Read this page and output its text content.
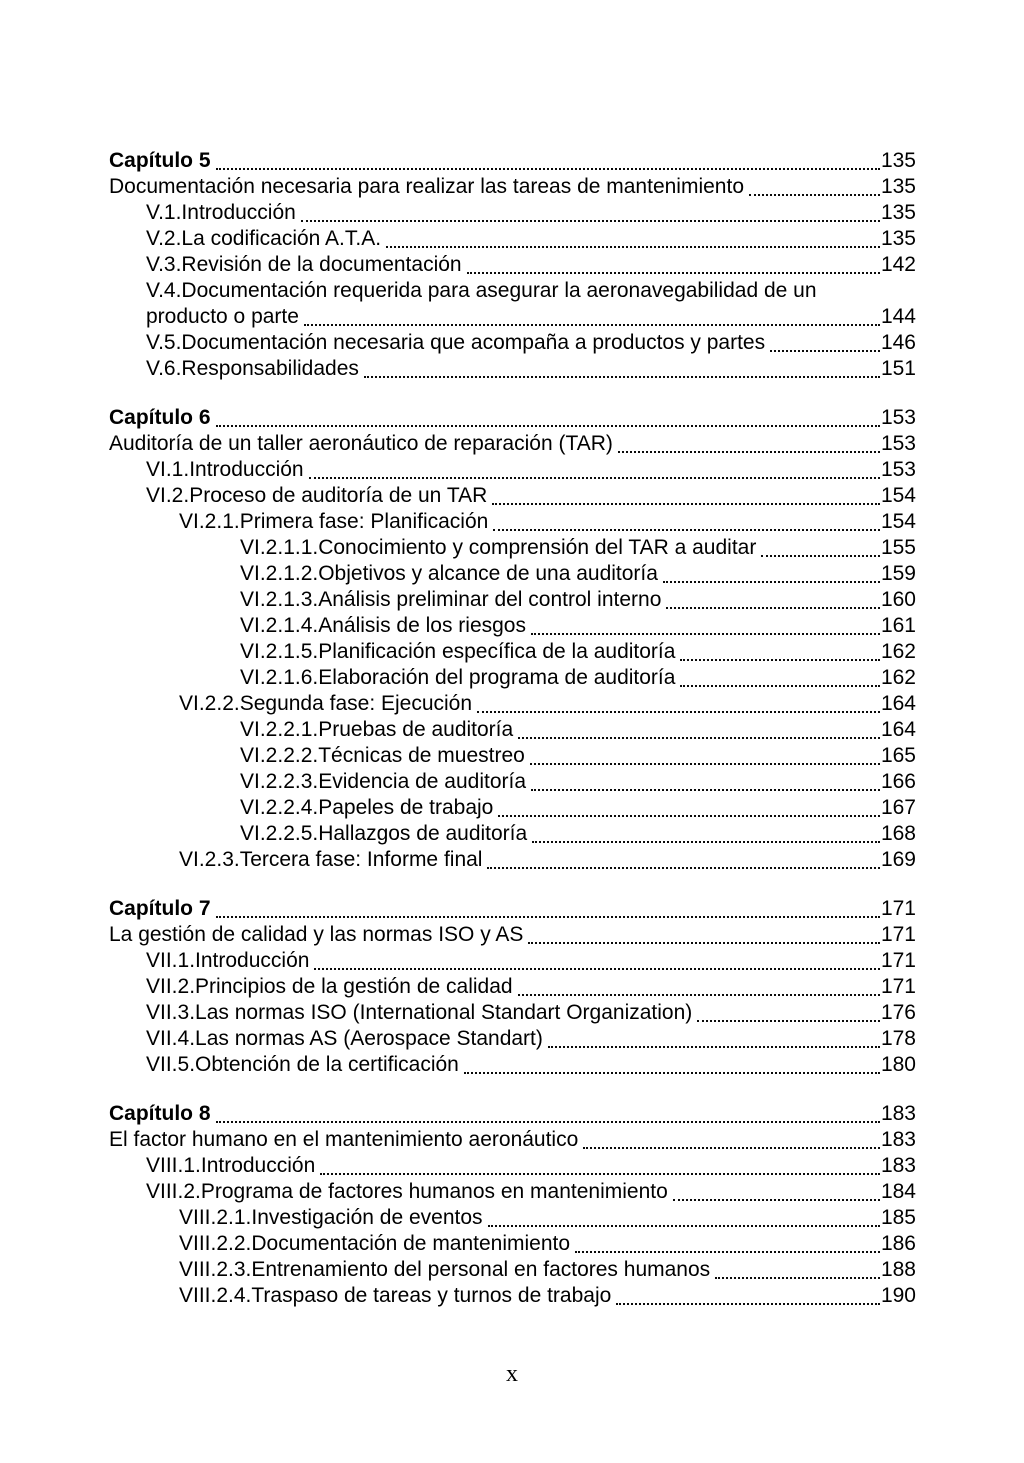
Capítulo 5	135
Documentación necesaria para realizar las tareas de mantenimiento	135
V.1.Introducción	135
V.2.La codificación A.T.A.	135
V.3.Revisión de la documentación	142
V.4.Documentación requerida para asegurar la aeronavegabilidad de un
producto o parte	144
V.5.Documentación necesaria que acompaña a productos y partes	146
V.6.Responsabilidades	151
Capítulo 6	153
Auditoría de un taller aeronáutico de reparación (TAR)	153
VI.1.Introducción	153
VI.2.Proceso de auditoría de un TAR	154
VI.2.1.Primera fase: Planificación	154
VI.2.1.1.Conocimiento y comprensión del TAR a auditar	155
VI.2.1.2.Objetivos y alcance de una auditoría	159
VI.2.1.3.Análisis preliminar del control interno	160
VI.2.1.4.Análisis de los riesgos	161
VI.2.1.5.Planificación específica de la auditoría	162
VI.2.1.6.Elaboración del programa de auditoría	162
VI.2.2.Segunda fase: Ejecución	164
VI.2.2.1.Pruebas de auditoría	164
VI.2.2.2.Técnicas de muestreo	165
VI.2.2.3.Evidencia de auditoría	166
VI.2.2.4.Papeles de trabajo	167
VI.2.2.5.Hallazgos de auditoría	168
VI.2.3.Tercera fase: Informe final	169
Capítulo 7	171
La gestión de calidad y las normas ISO y AS	171
VII.1.Introducción	171
VII.2.Principios de la gestión de calidad	171
VII.3.Las normas ISO (International Standart Organization)	176
VII.4.Las normas AS (Aerospace Standart)	178
VII.5.Obtención de la certificación	180
Capítulo 8	183
El factor humano en el mantenimiento aeronáutico	183
VIII.1.Introducción	183
VIII.2.Programa de factores humanos en mantenimiento	184
VIII.2.1.Investigación de eventos	185
VIII.2.2.Documentación de mantenimiento	186
VIII.2.3.Entrenamiento del personal en factores humanos	188
VIII.2.4.Traspaso de tareas y turnos de trabajo	190
x
